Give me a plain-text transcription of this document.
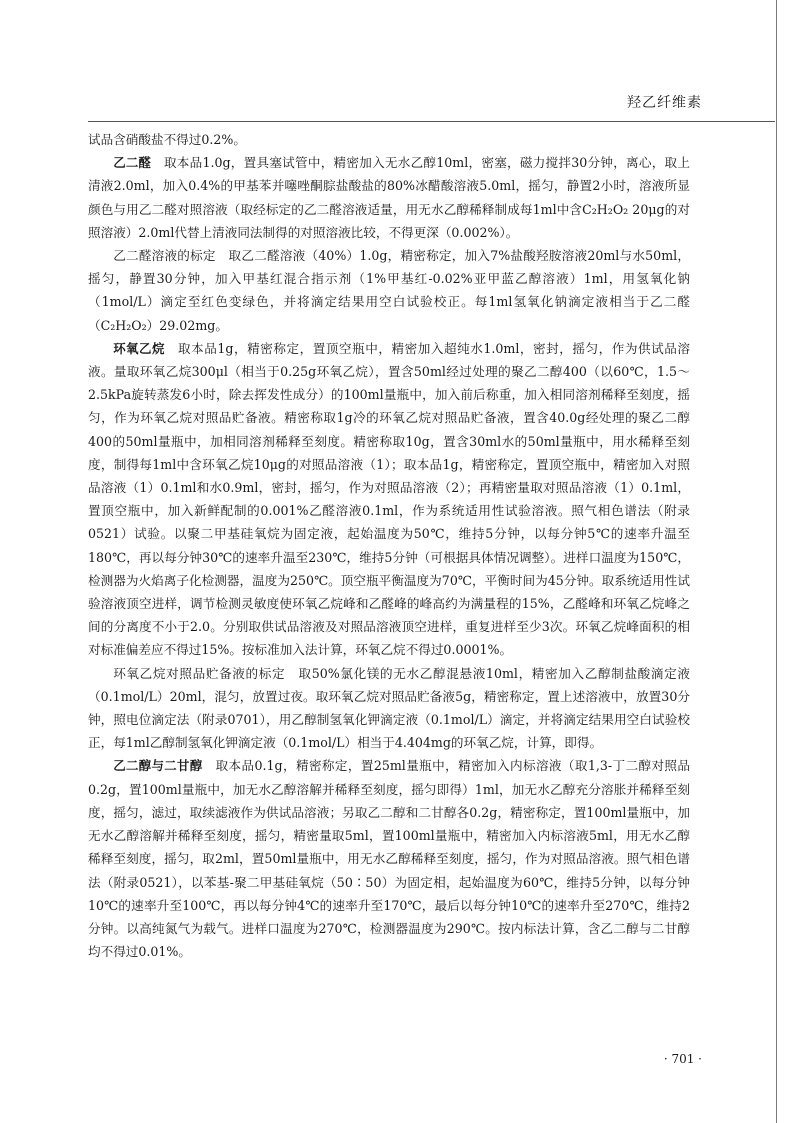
羟乙纤维素

试品含硝酸盐不得过0.2%。

乙二醛　取本品1.0g，置具塞试管中，精密加入无水乙醇10ml，密塞，磁力搅拌30分钟，离心，取上清液2.0ml，加入0.4%的甲基苯并噻唑酮腙盐酸盐的80%冰醋酸溶液5.0ml，摇匀，静置2小时，溶液所显颜色与用乙二醛对照溶液（取经标定的乙二醛溶液适量，用无水乙醇稀释制成每1ml中含C₂H₂O₂ 20μg的对照溶液）2.0ml代替上清液同法制得的对照溶液比较，不得更深（0.002%）。

乙二醛溶液的标定　取乙二醛溶液（40%）1.0g，精密称定，加入7%盐酸羟胺溶液20ml与水50ml，摇匀，静置30分钟，加入甲基红混合指示剂（1%甲基红-0.02%亚甲蓝乙醇溶液）1ml，用氢氧化钠（1mol/L）滴定至红色变绿色，并将滴定结果用空白试验校正。每1ml氢氧化钠滴定液相当于乙二醛（C₂H₂O₂）29.02mg。

环氧乙烷　取本品1g，精密称定，置顶空瓶中，精密加入超纯水1.0ml，密封，摇匀，作为供试品溶液。量取环氧乙烷300μl（相当于0.25g环氧乙烷），置含50ml经过处理的聚乙二醇400（以60℃，1.5～2.5kPa旋转蒸发6小时，除去挥发性成分）的100ml量瓶中，加入前后称重，加入相同溶剂稀释至刻度，摇匀，作为环氧乙烷对照品贮备液。精密称取1g冷的环氧乙烷对照品贮备液，置含40.0g经处理的聚乙二醇400的50ml量瓶中，加相同溶剂稀释至刻度。精密称取10g，置含30ml水的50ml量瓶中，用水稀释至刻度，制得每1ml中含环氧乙烷10μg的对照品溶液（1）；取本品1g，精密称定，置顶空瓶中，精密加入对照品溶液（1）0.1ml和水0.9ml，密封，摇匀，作为对照品溶液（2）；再精密量取对照品溶液（1）0.1ml，置顶空瓶中，加入新鲜配制的0.001%乙醛溶液0.1ml，作为系统适用性试验溶液。照气相色谱法（附录0521）试验。以聚二甲基硅氧烷为固定液，起始温度为50℃，维持5分钟，以每分钟5℃的速率升温至180℃，再以每分钟30℃的速率升温至230℃，维持5分钟（可根据具体情况调整）。进样口温度为150℃，检测器为火焰离子化检测器，温度为250℃。顶空瓶平衡温度为70℃，平衡时间为45分钟。取系统适用性试验溶液顶空进样，调节检测灵敏度使环氧乙烷峰和乙醛峰的峰高约为满量程的15%，乙醛峰和环氧乙烷峰之间的分离度不小于2.0。分别取供试品溶液及对照品溶液顶空进样，重复进样至少3次。环氧乙烷峰面积的相对标准偏差应不得过15%。按标准加入法计算，环氧乙烷不得过0.0001%。

环氧乙烷对照品贮备液的标定　取50%氯化镁的无水乙醇混悬液10ml，精密加入乙醇制盐酸滴定液（0.1mol/L）20ml，混匀，放置过夜。取环氧乙烷对照品贮备液5g，精密称定，置上述溶液中，放置30分钟，照电位滴定法（附录0701），用乙醇制氢氧化钾滴定液（0.1mol/L）滴定，并将滴定结果用空白试验校正，每1ml乙醇制氢氧化钾滴定液（0.1mol/L）相当于4.404mg的环氧乙烷，计算，即得。

乙二醇与二甘醇　取本品0.1g，精密称定，置25ml量瓶中，精密加入内标溶液（取1,3-丁二醇对照品0.2g，置100ml量瓶中，加无水乙醇溶解并稀释至刻度，摇匀即得）1ml，加无水乙醇充分溶胀并稀释至刻度，摇匀，滤过，取续滤液作为供试品溶液；另取乙二醇和二甘醇各0.2g，精密称定，置100ml量瓶中，加无水乙醇溶解并稀释至刻度，摇匀，精密量取5ml，置100ml量瓶中，精密加入内标溶液5ml，用无水乙醇稀释至刻度，摇匀，取2ml，置50ml量瓶中，用无水乙醇稀释至刻度，摇匀，作为对照品溶液。照气相色谱法（附录0521），以苯基-聚二甲基硅氧烷（50∶50）为固定相，起始温度为60℃，维持5分钟，以每分钟10℃的速率升至100℃，再以每分钟4℃的速率升至170℃，最后以每分钟10℃的速率升至270℃，维持2分钟。以高纯氮气为载气。进样口温度为270℃，检测器温度为290℃。按内标法计算，含乙二醇与二甘醇均不得过0.01%。

· 701 ·
